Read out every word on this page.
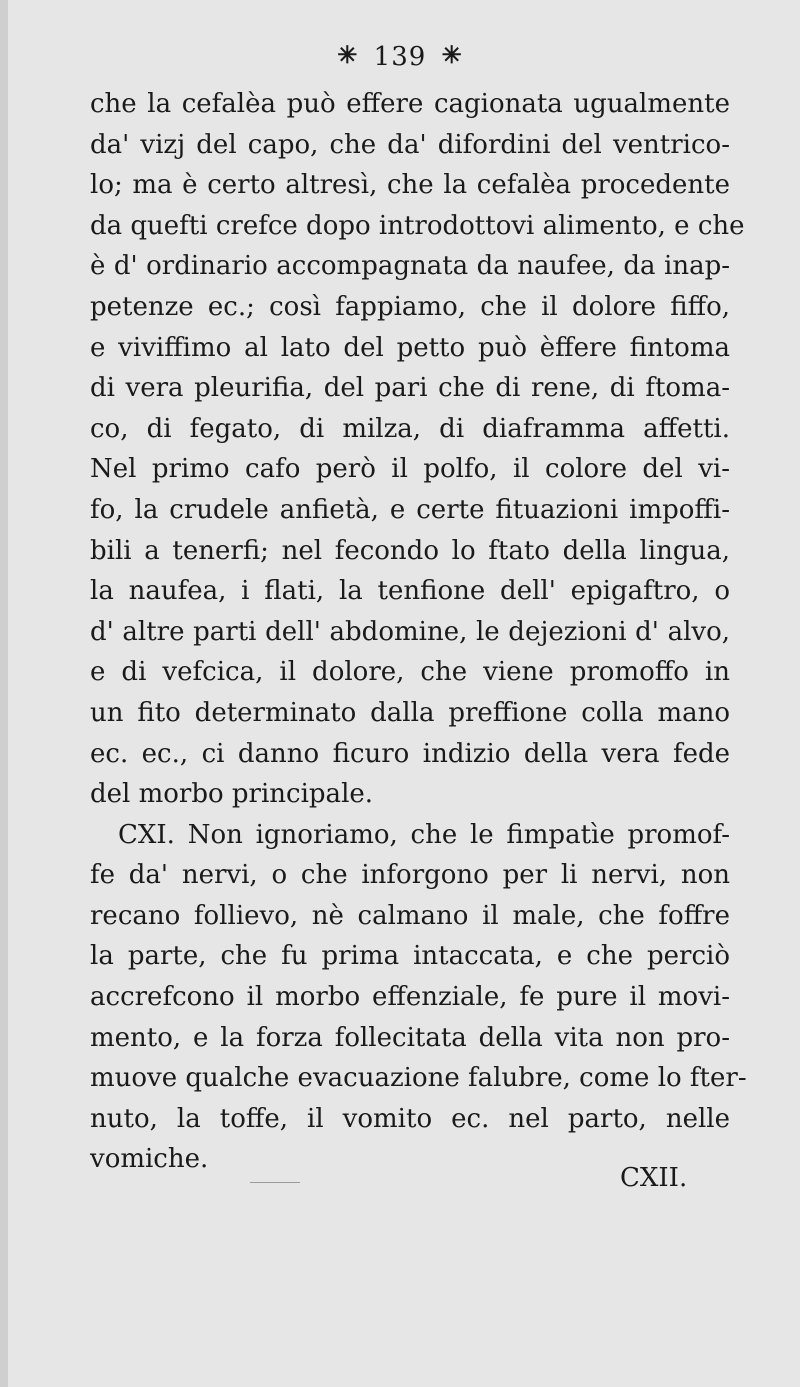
✳ 139 ✳
che la cefalèa può effere cagionata ugualmente
da' vizj del capo, che da' difordini del ventrico-
lo; ma è certo altresì, che la cefalèa procedente
da quefti crefce dopo introdottovi alimento, e che
è d' ordinario accompagnata da naufee, da inap-
petenze ec.; così fappiamo, che il dolore fiffo,
e viviffimo al lato del petto può èffere fintoma
di vera pleurifia, del pari che di rene, di ftoma-
co, di fegato, di milza, di diaframma affetti.
Nel primo cafo però il polfo, il colore del vi-
fo, la crudele anfietà, e certe fituazioni impoffi-
bili a tenerfi; nel fecondo lo ftato della lingua,
la naufea, i flati, la tenfione dell' epigaftro, o
d' altre parti dell' abdomine, le dejezioni d' alvo,
e di vefcica, il dolore, che viene promoffo in
un fito determinato dalla preffione colla mano
ec. ec., ci danno ficuro indizio della vera fede
del morbo principale.
CXI. Non ignoriamo, che le fimpatìe promof-
fe da' nervi, o che inforgono per li nervi, non
recano follievo, nè calmano il male, che foffre
la parte, che fu prima intaccata, e che perciò
accrefcono il morbo effenziale, fe pure il movi-
mento, e la forza follecitata della vita non pro-
muove qualche evacuazione falubre, come lo fter-
nuto, la toffe, il vomito ec. nel parto, nelle
vomiche.
CXII.
